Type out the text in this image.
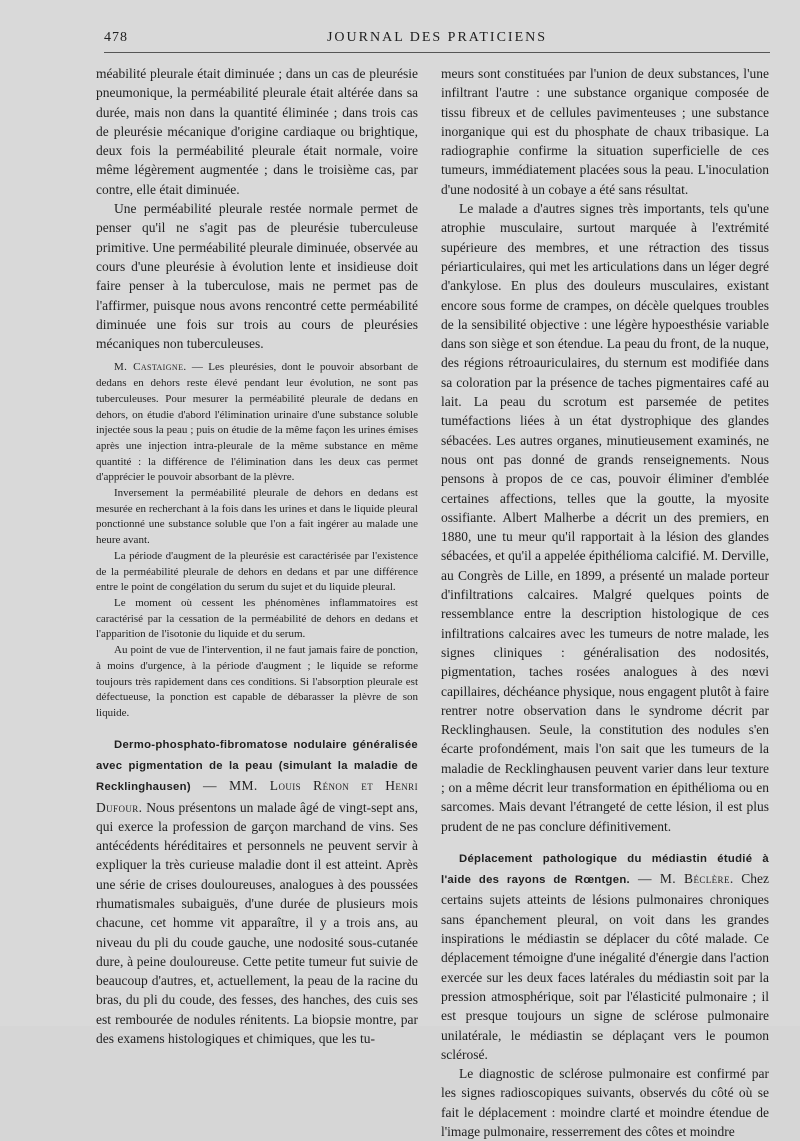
478	JOURNAL DES PRATICIENS

méabilité pleurale était diminuée ; dans un cas de pleurésie pneumonique, la perméabilité pleurale était altérée dans sa durée, mais non dans la quantité éliminée ; dans trois cas de pleurésie mécanique d'origine cardiaque ou brightique, deux fois la perméabilité pleurale était normale, voire même légèrement augmentée ; dans le troisième cas, par contre, elle était diminuée.

Une perméabilité pleurale restée normale permet de penser qu'il ne s'agit pas de pleurésie tuberculeuse primitive. Une perméabilité pleurale diminuée, observée au cours d'une pleurésie à évolution lente et insidieuse doit faire penser à la tuberculose, mais ne permet pas de l'affirmer, puisque nous avons rencontré cette perméabilité diminuée une fois sur trois au cours de pleurésies mécaniques non tuberculeuses.

M. Castaigne. — Les pleurésies, dont le pouvoir absorbant de dedans en dehors reste élevé pendant leur évolution, ne sont pas tuberculeuses. Pour mesurer la perméabilité pleurale de dedans en dehors, on étudie d'abord l'élimination urinaire d'une substance soluble injectée sous la peau ; puis on étudie de la même façon les urines émises après une injection intra-pleurale de la même substance en même quantité : la différence de l'élimination dans les deux cas permet d'apprécier le pouvoir absorbant de la plèvre.

Inversement la perméabilité pleurale de dehors en dedans est mesurée en recherchant à la fois dans les urines et dans le liquide pleural ponctionné une substance soluble que l'on a fait ingérer au malade une heure avant.

La période d'augment de la pleurésie est caractérisée par l'existence de la perméabilité pleurale de dehors en dedans et par une différence entre le point de congélation du serum du sujet et du liquide pleural.

Le moment où cessent les phénomènes inflammatoires est caractérisé par la cessation de la perméabilité de dehors en dedans et l'apparition de l'isotonie du liquide et du serum.

Au point de vue de l'intervention, il ne faut jamais faire de ponction, à moins d'urgence, à la période d'augment ; le liquide se reforme toujours très rapidement dans ces conditions. Si l'absorption pleurale est défectueuse, la ponction est capable de débarasser la plèvre de son liquide.

Dermo-phosphato-fibromatose nodulaire généralisée avec pigmentation de la peau (simulant la maladie de Recklinghausen) — MM. Louis Rénon et Henri Dufour. Nous présentons un malade âgé de vingt-sept ans, qui exerce la profession de garçon marchand de vins. Ses antécédents héréditaires et personnels ne peuvent servir à expliquer la très curieuse maladie dont il est atteint. Après une série de crises douloureuses, analogues à des poussées rhumatismales subaiguës, d'une durée de plusieurs mois chacune, cet homme vit apparaître, il y a trois ans, au niveau du pli du coude gauche, une nodosité sous-cutanée dure, à peine douloureuse. Cette petite tumeur fut suivie de beaucoup d'autres, et, actuellement, la peau de la racine du bras, du pli du coude, des fesses, des hanches, des cuis ses est rembourée de nodules rénitents. La biopsie montre, par des examens histologiques et chimiques, que les tu-

meurs sont constituées par l'union de deux substances, l'une infiltrant l'autre : une substance organique composée de tissu fibreux et de cellules pavimenteuses ; une substance inorganique qui est du phosphate de chaux tribasique. La radiographie confirme la situation superficielle de ces tumeurs, immédiatement placées sous la peau. L'inoculation d'une nodosité à un cobaye a été sans résultat.

Le malade a d'autres signes très importants, tels qu'une atrophie musculaire, surtout marquée à l'extrémité supérieure des membres, et une rétraction des tissus périarticulaires, qui met les articulations dans un léger degré d'ankylose. En plus des douleurs musculaires, existant encore sous forme de crampes, on décèle quelques troubles de la sensibilité objective : une légère hypoesthésie variable dans son siège et son étendue. La peau du front, de la nuque, des régions rétroauriculaires, du sternum est modifiée dans sa coloration par la présence de taches pigmentaires café au lait. La peau du scrotum est parsemée de petites tuméfactions liées à un état dystrophique des glandes sébacées. Les autres organes, minutieusement examinés, ne nous ont pas donné de grands renseignements. Nous pensons à propos de ce cas, pouvoir éliminer d'emblée certaines affections, telles que la goutte, la myosite ossifiante. Albert Malherbe a décrit un des premiers, en 1880, une tu meur qu'il rapportait à la lésion des glandes sébacées, et qu'il a appelée épithélioma calcifié. M. Derville, au Congrès de Lille, en 1899, a présenté un malade porteur d'infiltrations calcaires. Malgré quelques points de ressemblance entre la description histologique de ces infiltrations calcaires avec les tumeurs de notre malade, les signes cliniques : généralisation des nodosités, pigmentation, taches rosées analogues à des nœvi capillaires, déchéance physique, nous engagent plutôt à faire rentrer notre observation dans le syndrome décrit par Recklinghausen. Seule, la constitution des nodules s'en écarte profondément, mais l'on sait que les tumeurs de la maladie de Recklinghausen peuvent varier dans leur texture ; on a même décrit leur transformation en épithélioma ou en sarcomes. Mais devant l'étrangeté de cette lésion, il est plus prudent de ne pas conclure définitivement.

Déplacement pathologique du médiastin étudié à l'aide des rayons de Rœntgen. — M. Béclère. Chez certains sujets atteints de lésions pulmonaires chroniques sans épanchement pleural, on voit dans les grandes inspirations le médiastin se déplacer du côté malade. Ce déplacement témoigne d'une inégalité d'énergie dans l'action exercée sur les deux faces latérales du médiastin soit par la pression atmosphérique, soit par l'élasticité pulmonaire ; il est presque toujours un signe de sclérose pulmonaire unilatérale, le médiastin se déplaçant vers le poumon sclérosé.

Le diagnostic de sclérose pulmonaire est confirmé par les signes radioscopiques suivants, observés du côté où se fait le déplacement : moindre clarté et moindre étendue de l'image pulmonaire, resserrement des côtes et moindre
